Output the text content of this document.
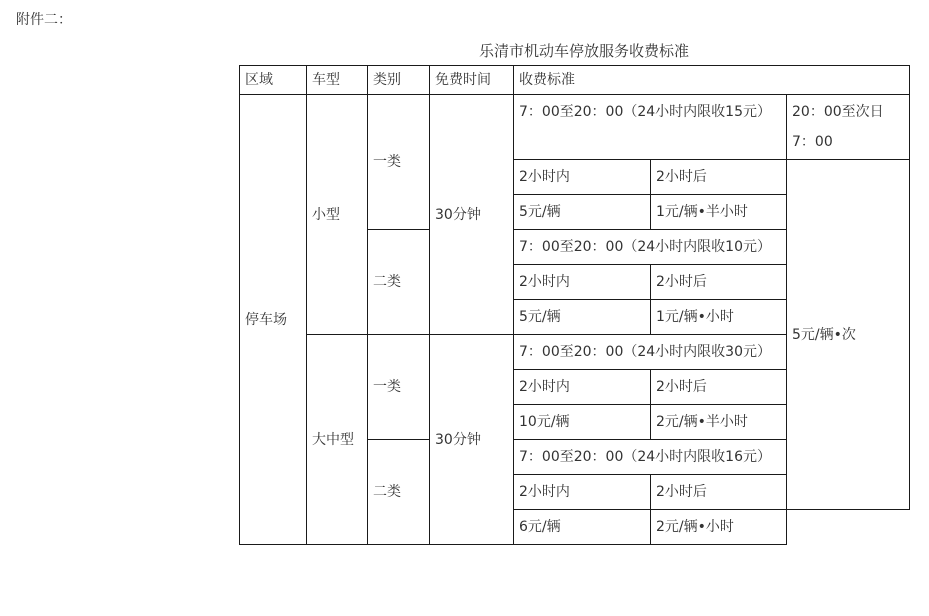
附件二：
乐清市机动车停放服务收费标准
区域	车型	类别	免费时间	收费标准		
停车场	小型	一类	30分钟	7：00至20：00（24小时内限收15元）		20：00至次日7：00
				2小时内	2小时后	5元/辆•次
				5元/辆	1元/辆•半小时	
		二类		7：00至20：00（24小时内限收10元）		
				2小时内	2小时后	
				5元/辆	1元/辆•小时	
	大中型	一类	30分钟	7：00至20：00（24小时内限收30元）		
				2小时内	2小时后	
				10元/辆	2元/辆•半小时	
		二类		7：00至20：00（24小时内限收16元）		
				2小时内	2小时后	
				6元/辆	2元/辆•小时	
